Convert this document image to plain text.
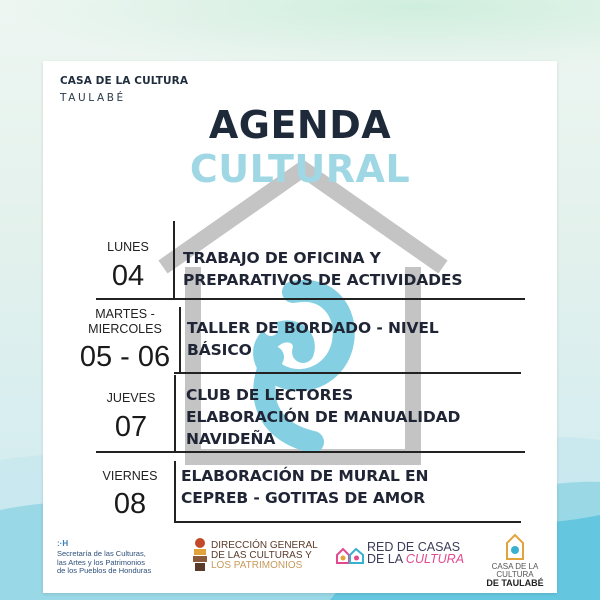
CASA DE LA CULTURA
TAULABÉ
AGENDA
CULTURAL
LUNES
04
TRABAJO DE OFICINA Y
PREPARATIVOS DE ACTIVIDADES
MARTES -
MIERCOLES
05 - 06
TALLER DE BORDADO - NIVEL
BÁSICO
JUEVES
07
CLUB DE LECTORES
ELABORACIÓN DE MANUALIDAD
NAVIDEÑA
VIERNES
08
ELABORACIÓN DE MURAL EN
CEPREB - GOTITAS DE AMOR
:·H
Secretaría de las Culturas,
las Artes y los Patrimonios
de los Pueblos de Honduras
DIRECCIÓN GENERAL
DE LAS CULTURAS Y
LOS PATRIMONIOS
RED DE CASAS
DE LA CULTURA
CASA DE LA CULTURA
DE TAULABÉ
